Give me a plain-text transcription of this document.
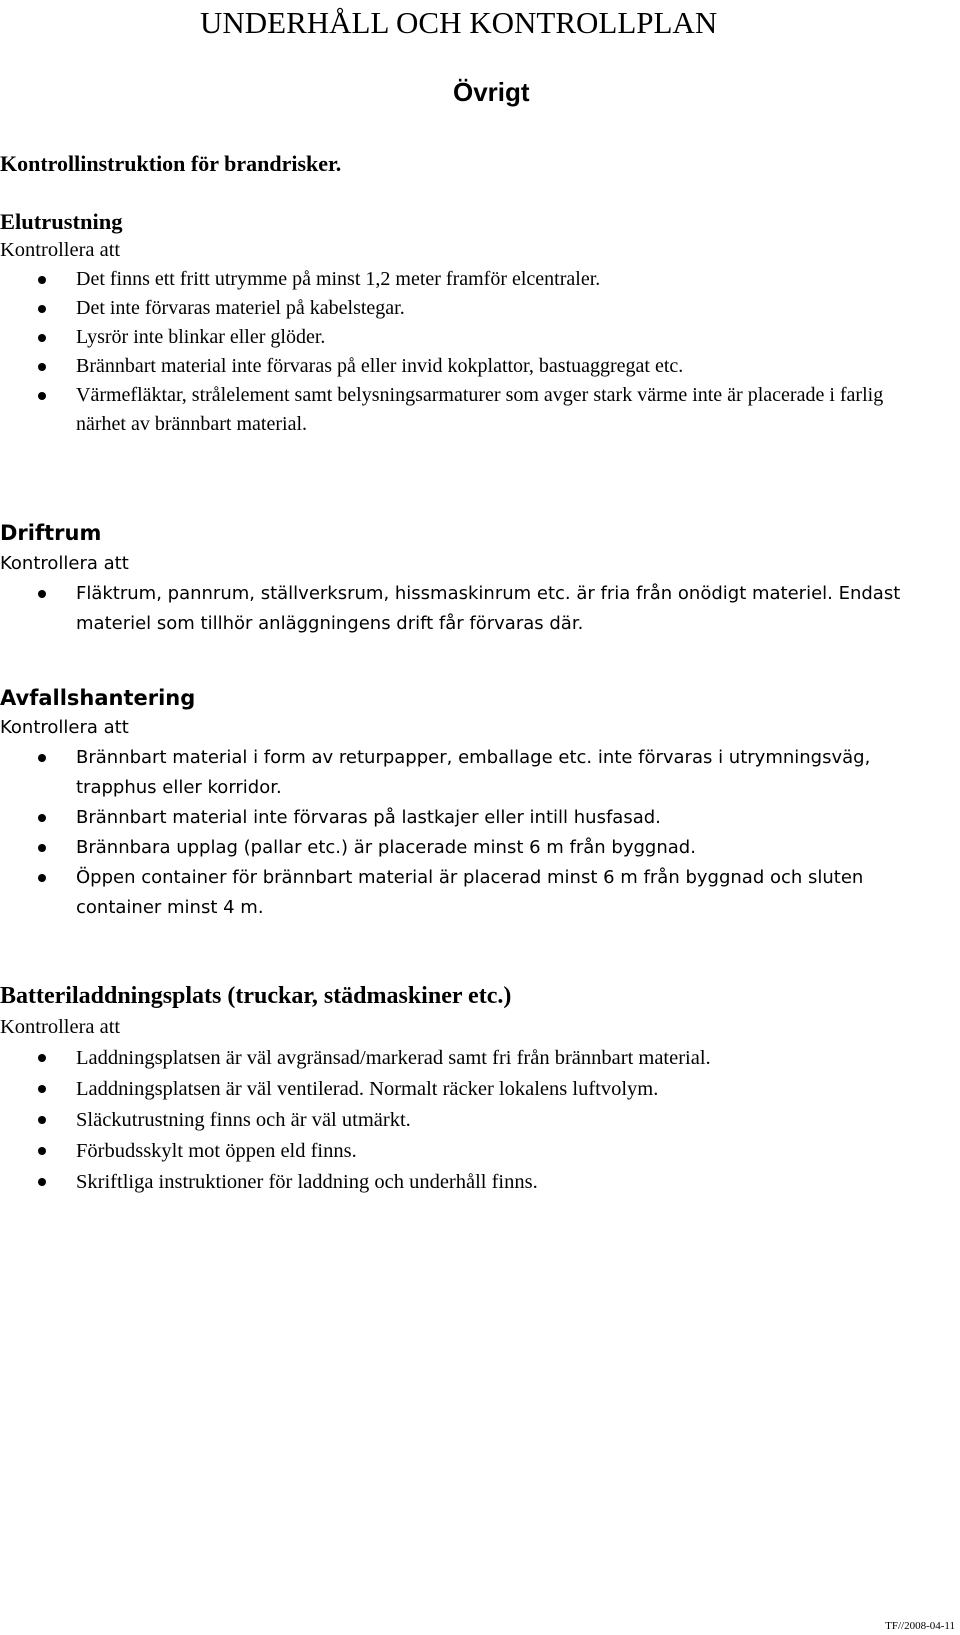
UNDERHÅLL OCH KONTROLLPLAN
Övrigt

Kontrollinstruktion för brandrisker.

Elutrustning

Kontrollera att

Det finns ett fritt utrymme på minst 1,2 meter framför elcentraler.
Det inte förvaras materiel på kabelstegar.
Lysrör inte blinkar eller glöder.
Brännbart material inte förvaras på eller invid kokplattor, bastuaggregat etc.
Värmefläktar, strålelement samt belysningsarmaturer som avger stark värme inte är placerade i farlig närhet av brännbart material.
Driftrum

Kontrollera att

Fläktrum, pannrum, ställverksrum, hissmaskinrum etc. är fria från onödigt materiel. Endast materiel som tillhör anläggningens drift får förvaras där.
Avfallshantering

Kontrollera att

Brännbart material i form av returpapper, emballage etc. inte förvaras i utrymningsväg, trapphus eller korridor.
Brännbart material inte förvaras på lastkajer eller intill husfasad.
Brännbara upplag (pallar etc.) är placerade minst 6 m från byggnad.
Öppen container för brännbart material är placerad minst 6 m från byggnad och sluten container minst 4 m.
Batteriladdningsplats (truckar, städmaskiner etc.)

Kontrollera att

Laddningsplatsen är väl avgränsad/markerad samt fri från brännbart material.
Laddningsplatsen är väl ventilerad. Normalt räcker lokalens luftvolym.
Släckutrustning finns och är väl utmärkt.
Förbudsskylt mot öppen eld finns.
Skriftliga instruktioner för laddning och underhåll finns.
TF//2008-04-11
